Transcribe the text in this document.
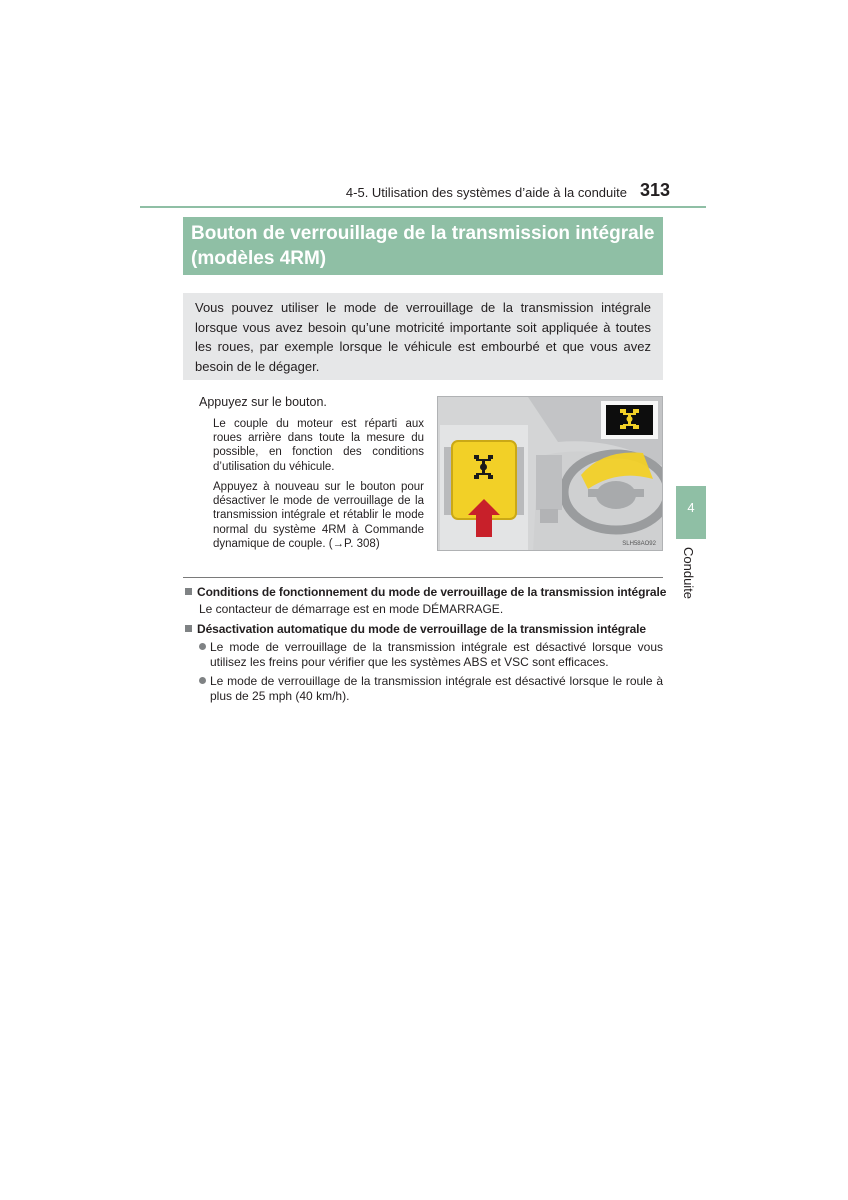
4-5. Utilisation des systèmes d’aide à la conduite 313
Bouton de verrouillage de la transmission intégrale (modèles 4RM)
Vous pouvez utiliser le mode de verrouillage de la transmission intégrale lorsque vous avez besoin qu’une motricité importante soit appliquée à toutes les roues, par exemple lorsque le véhicule est embourbé et que vous avez besoin de le dégager.
Appuyez sur le bouton.
Le couple du moteur est réparti aux roues arrière dans toute la mesure du possible, en fonction des conditions d’utilisation du véhicule.
Appuyez à nouveau sur le bouton pour désactiver le mode de verrouillage de la transmission intégrale et rétablir le mode normal du système 4RM à Commande dynamique de couple. (→P. 308)	SLH58AO92
Conditions de fonctionnement du mode de verrouillage de la transmission intégrale
Le contacteur de démarrage est en mode DÉMARRAGE.
Désactivation automatique du mode de verrouillage de la transmission intégrale
Le mode de verrouillage de la transmission intégrale est désactivé lorsque vous utilisez les freins pour vérifier que les systèmes ABS et VSC sont efficaces.
Le mode de verrouillage de la transmission intégrale est désactivé lorsque le roule à plus de 25 mph (40 km/h).
4
Conduite
